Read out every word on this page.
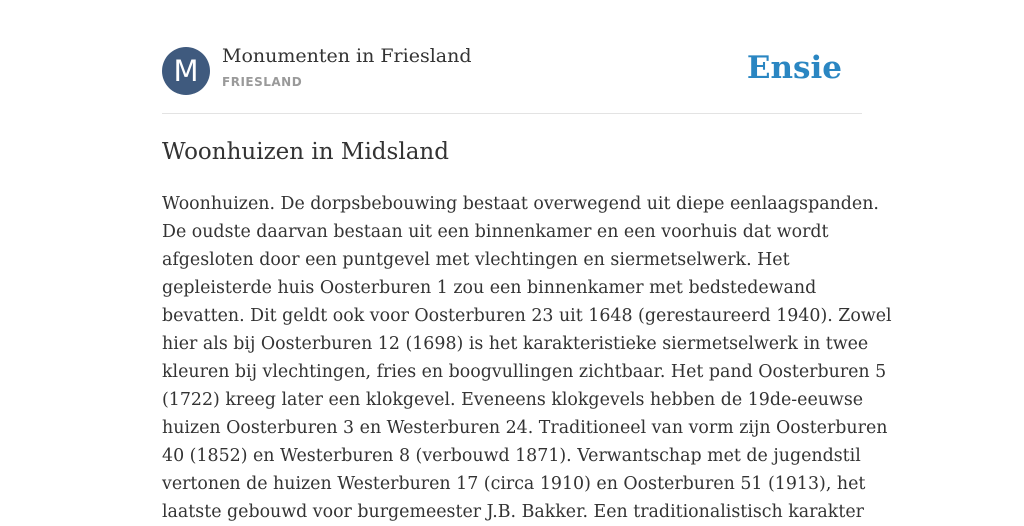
M	Monumenten in Friesland
FRIESLAND	Ensie
Woonhuizen in Midsland

Woonhuizen. De dorpsbebouwing bestaat overwegend uit diepe eenlaagspanden.
De oudste daarvan bestaan uit een binnenkamer en een voorhuis dat wordt
afgesloten door een puntgevel met vlechtingen en siermetselwerk. Het
gepleisterde huis Oosterburen 1 zou een binnenkamer met bedstedewand
bevatten. Dit geldt ook voor Oosterburen 23 uit 1648 (gerestaureerd 1940). Zowel
hier als bij Oosterburen 12 (1698) is het karakteristieke siermetselwerk in twee
kleuren bij vlechtingen, fries en boogvullingen zichtbaar. Het pand Oosterburen 5
(1722) kreeg later een klokgevel. Eveneens klokgevels hebben de 19de-eeuwse
huizen Oosterburen 3 en Westerburen 24. Traditioneel van vorm zijn Oosterburen
40 (1852) en Westerburen 8 (verbouwd 1871). Verwantschap met de jugendstil
vertonen de huizen Westerburen 17 (circa 1910) en Oosterburen 51 (1913), het
laatste gebouwd voor burgemeester J.B. Bakker. Een traditionalistisch karakter
